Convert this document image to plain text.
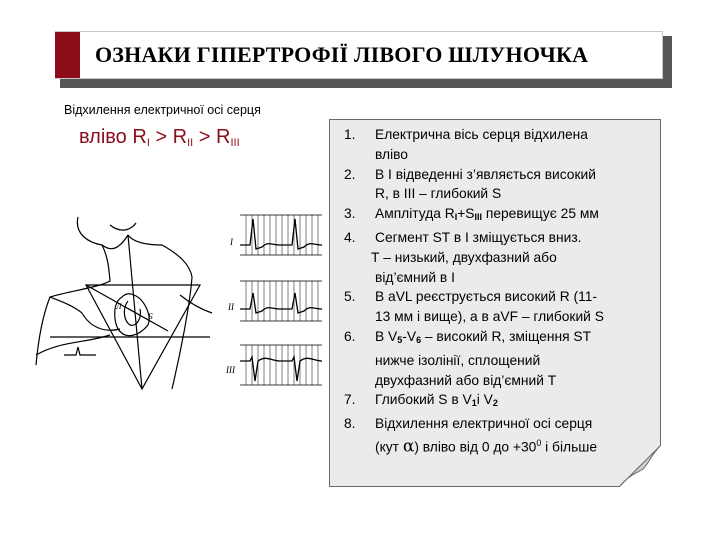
ОЗНАКИ ГІПЕРТРОФІЇ ЛІВОГО ШЛУНОЧКА
Відхилення електричної осі серця
вліво $R_I > R_{II} > R_{III}$
Л
Б
I
II
III
1.	Електрична вісь серця відхилена
вліво
2.	В І відведенні з’являється високий
R, в ІІІ – глибокий S
3.	Амплітуда $R_I+S_{III}$ перевищує 25 мм
4.	Сегмент ST в І зміщується вниз.
Т – низький, двухфазний або
від’ємний в І
5.	В aVL реєструється високий R (11-
13 мм і вище), а в aVF – глибокий S
6.	В $V_5-V_6$ – високий R, зміщення ST
нижче ізолінії, сплощений
двухфазний або від’ємний Т
7.	Глибокий S в $V_1і$ $V_2$
8.	Відхилення електричної осі серця
(кут α) вліво від 0 до $+30^0$ і більше
